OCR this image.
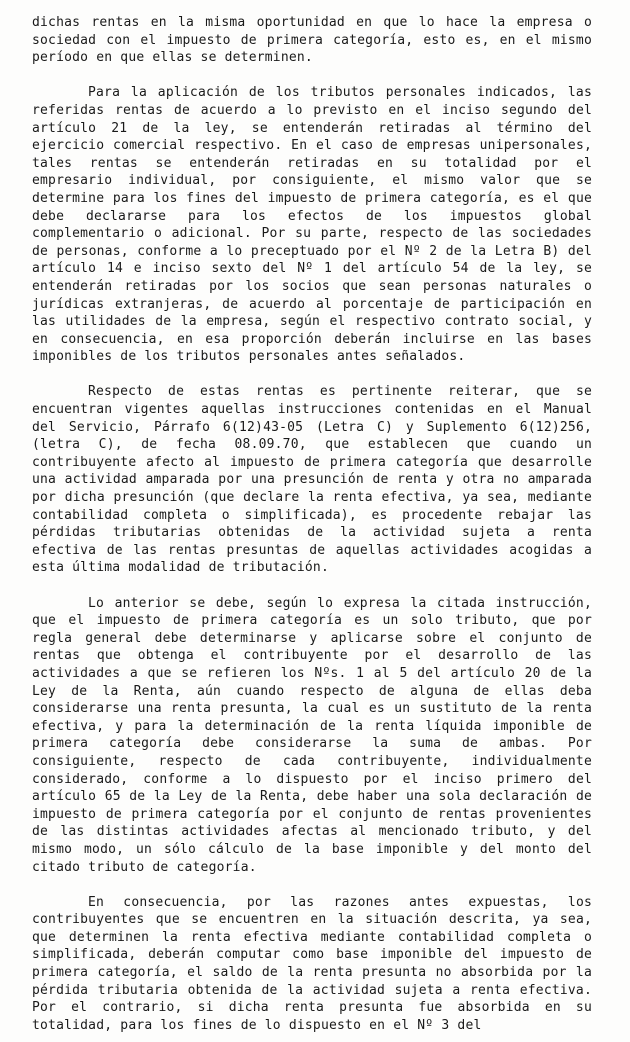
dichas rentas en la misma oportunidad en que lo hace la empresa o sociedad con el impuesto de primera categoría, esto es, en el mismo período en que ellas se determinen.

Para la aplicación de los tributos personales indicados, las referidas rentas de acuerdo a lo previsto en el inciso segundo del artículo 21 de la ley, se entenderán retiradas al término del ejercicio comercial respectivo. En el caso de empresas unipersonales, tales rentas se entenderán retiradas en su totalidad por el empresario individual, por consiguiente, el mismo valor que se determine para los fines del impuesto de primera categoría, es el que debe declararse para los efectos de los impuestos global complementario o adicional. Por su parte, respecto de las sociedades de personas, conforme a lo preceptuado por el Nº 2 de la Letra B) del artículo 14 e inciso sexto del Nº 1 del artículo 54 de la ley, se entenderán retiradas por los socios que sean personas naturales o jurídicas extranjeras, de acuerdo al porcentaje de participación en las utilidades de la empresa, según el respectivo contrato social, y en consecuencia, en esa proporción deberán incluirse en las bases imponibles de los tributos personales antes señalados.

Respecto de estas rentas es pertinente reiterar, que se encuentran vigentes aquellas instrucciones contenidas en el Manual del Servicio, Párrafo 6(12)43-05 (Letra C) y Suplemento 6(12)256, (letra C), de fecha 08.09.70, que establecen que cuando un contribuyente afecto al impuesto de primera categoría que desarrolle una actividad amparada por una presunción de renta y otra no amparada por dicha presunción (que declare la renta efectiva, ya sea, mediante contabilidad completa o simplificada), es procedente rebajar las pérdidas tributarias obtenidas de la actividad sujeta a renta efectiva de las rentas presuntas de aquellas actividades acogidas a esta última modalidad de tributación.

Lo anterior se debe, según lo expresa la citada instrucción, que el impuesto de primera categoría es un solo tributo, que por regla general debe determinarse y aplicarse sobre el conjunto de rentas que obtenga el contribuyente por el desarrollo de las actividades a que se refieren los Nºs. 1 al 5 del artículo 20 de la Ley de la Renta, aún cuando respecto de alguna de ellas deba considerarse una renta presunta, la cual es un sustituto de la renta efectiva, y para la determinación de la renta líquida imponible de primera categoría debe considerarse la suma de ambas. Por consiguiente, respecto de cada contribuyente, individualmente considerado, conforme a lo dispuesto por el inciso primero del artículo 65 de la Ley de la Renta, debe haber una sola declaración de impuesto de primera categoría por el conjunto de rentas provenientes de las distintas actividades afectas al mencionado tributo, y del mismo modo, un sólo cálculo de la base imponible y del monto del citado tributo de categoría.

En consecuencia, por las razones antes expuestas, los contribuyentes que se encuentren en la situación descrita, ya sea, que determinen la renta efectiva mediante contabilidad completa o simplificada, deberán computar como base imponible del impuesto de primera categoría, el saldo de la renta presunta no absorbida por la pérdida tributaria obtenida de la actividad sujeta a renta efectiva. Por el contrario, si dicha renta presunta fue absorbida en su totalidad, para los fines de lo dispuesto en el Nº 3 del
